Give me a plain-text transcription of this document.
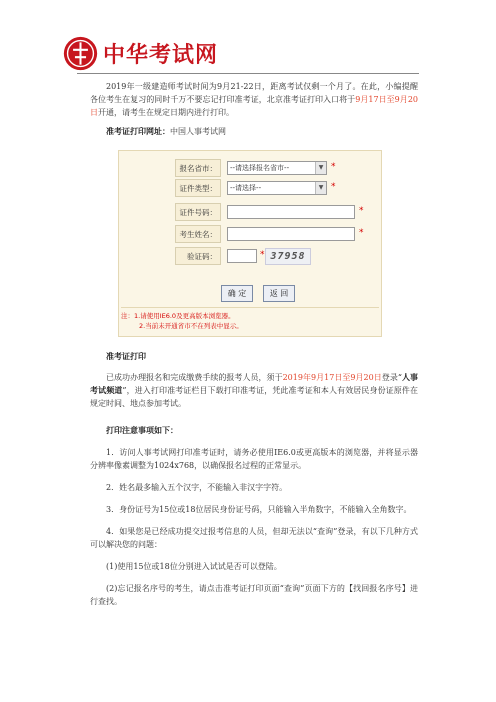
中华考试网

2019年一级建造师考试时间为9月21-22日，距离考试仅剩一个月了。在此，小编提醒各位考生在复习的同时千万不要忘记打印准考证，北京准考证打印入口将于9月17日至9月20日开通，请考生在规定日期内进行打印。

准考证打印网址：中国人事考试网

报名省市：	--请选择报名省市--	▼ *
证件类型：	--请选择--	▼ *
证件号码：	*
考生姓名：	*
验证码：	* 37958
确 定	返 回
注：1.请使用IE6.0及更高版本浏览器。
2.当前未开通省市不在列表中显示。

准考证打印

已成功办理报名和完成缴费手续的报考人员，须于2019年9月17日至9月20日登录“人事考试频道”，进入打印准考证栏目下载打印准考证，凭此准考证和本人有效居民身份证原件在规定时间、地点参加考试。

打印注意事项如下：

1．访问人事考试网打印准考证时，请务必使用IE6.0或更高版本的浏览器，并将显示器分辨率像素调整为1024x768，以确保报名过程的正常显示。

2．姓名最多输入五个汉字，不能输入非汉字字符。

3．身份证号为15位或18位居民身份证号码，只能输入半角数字，不能输入全角数字。

4．如果您是已经成功提交过报考信息的人员，但却无法以“查询”登录，有以下几种方式可以解决您的问题：

(1)使用15位或18位分别进入试试是否可以登陆。

(2)忘记报名序号的考生，请点击准考证打印页面“查询”页面下方的【找回报名序号】进行查找。
